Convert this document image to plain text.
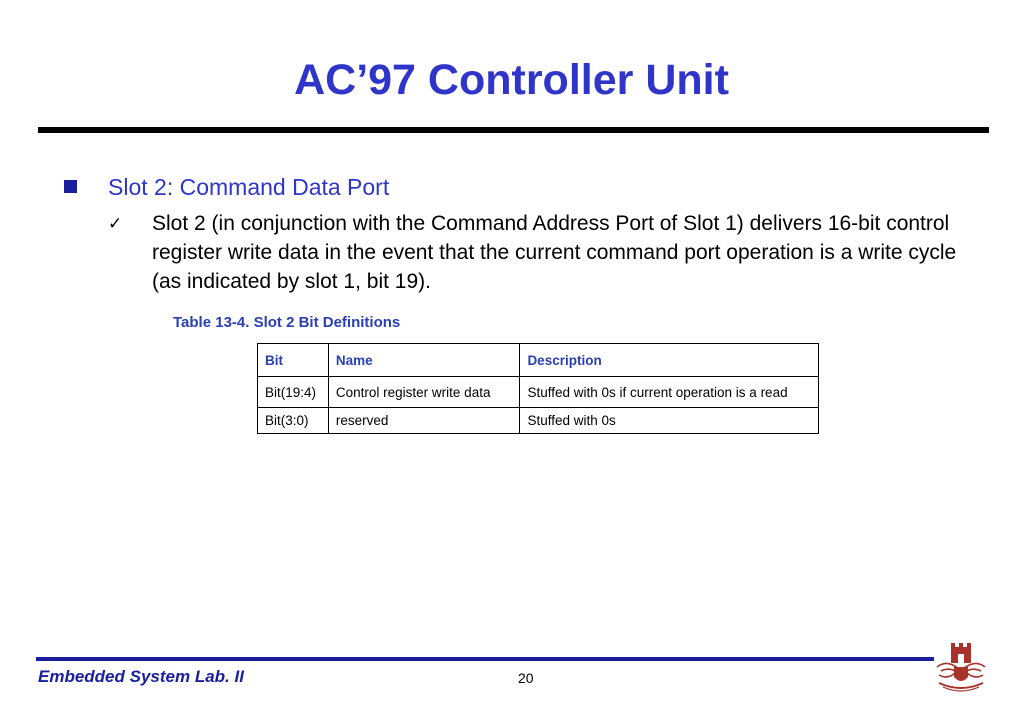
AC’97 Controller Unit
Slot 2: Command Data Port
✓ Slot 2 (in conjunction with the Command Address Port of Slot 1) delivers 16-bit control register write data in the event that the current command port operation is a write cycle (as indicated by slot 1, bit 19).
Table 13-4. Slot 2 Bit Definitions
Bit	Name	Description
Bit(19:4)	Control register write data	Stuffed with 0s if current operation is a read
Bit(3:0)	reserved	Stuffed with 0s
Embedded System Lab. II	20
